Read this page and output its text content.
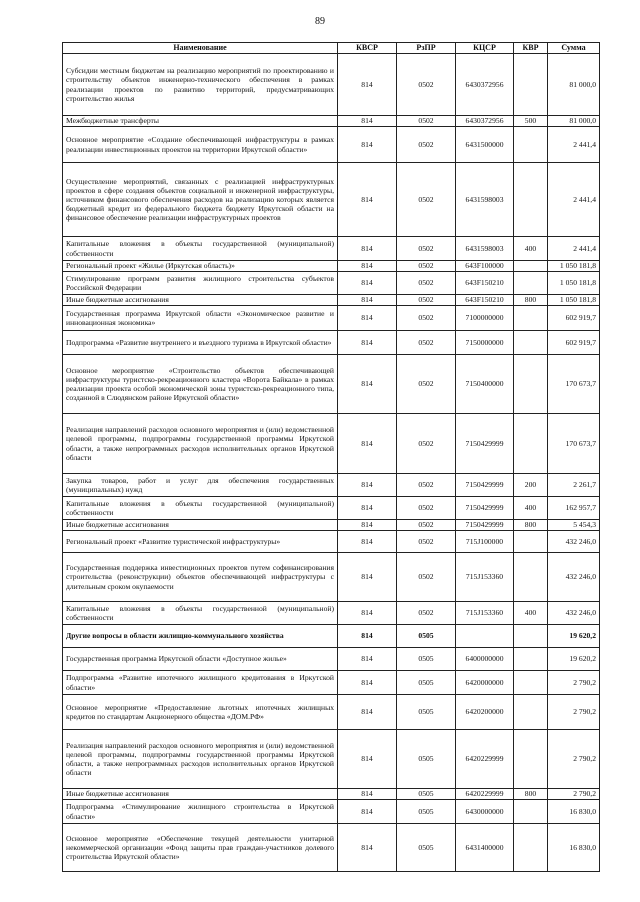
89
Наименование	КВСР	РзПР	КЦСР	КВР	Сумма
Субсидии местным бюджетам на реализацию мероприятий по проектированию и строительству объектов инженерно-технического обеспечения в рамках реализации проектов по развитию территорий, предусматривающих строительство жилья	814	0502	6430372956		81 000,0
Межбюджетные трансферты	814	0502	6430372956	500	81 000,0
Основное мероприятие «Создание обеспечивающей инфраструктуры в рамках реализации инвестиционных проектов на территории Иркутской области»	814	0502	6431500000		2 441,4
Осуществление мероприятий, связанных с реализацией инфраструктурных проектов в сфере создания объектов социальной и инженерной инфраструктуры, источником финансового обеспечения расходов на реализацию которых является бюджетный кредит из федерального бюджета бюджету Иркутской области на финансовое обеспечение реализации инфраструктурных проектов	814	0502	6431598003		2 441,4
Капитальные вложения в объекты государственной (муниципальной) собственности	814	0502	6431598003	400	2 441,4
Региональный проект «Жилье (Иркутская область)»	814	0502	643F100000		1 050 181,8
Стимулирование программ развития жилищного строительства субъектов Российской Федерации	814	0502	643F150210		1 050 181,8
Иные бюджетные ассигнования	814	0502	643F150210	800	1 050 181,8
Государственная программа Иркутской области «Экономическое развитие и инновационная экономика»	814	0502	7100000000		602 919,7
Подпрограмма «Развитие внутреннего и въездного туризма в Иркутской области»	814	0502	7150000000		602 919,7
Основное мероприятие «Строительство объектов обеспечивающей инфраструктуры туристско-рекреационного кластера «Ворота Байкала» в рамках реализации проекта особой экономической зоны туристско-рекреационного типа, созданной в Слюдянском районе Иркутской области»	814	0502	7150400000		170 673,7
Реализация направлений расходов основного мероприятия и (или) ведомственной целевой программы, подпрограммы государственной программы Иркутской области, а также непрограммных расходов исполнительных органов Иркутской области	814	0502	7150429999		170 673,7
Закупка товаров, работ и услуг для обеспечения государственных (муниципальных) нужд	814	0502	7150429999	200	2 261,7
Капитальные вложения в объекты государственной (муниципальной) собственности	814	0502	7150429999	400	162 957,7
Иные бюджетные ассигнования	814	0502	7150429999	800	5 454,3
Региональный проект «Развитие туристической инфраструктуры»	814	0502	715J100000		432 246,0
Государственная поддержка инвестиционных проектов путем софинансирования строительства (реконструкции) объектов обеспечивающей инфраструктуры с длительным сроком окупаемости	814	0502	715J153360		432 246,0
Капитальные вложения в объекты государственной (муниципальной) собственности	814	0502	715J153360	400	432 246,0
Другие вопросы в области жилищно-коммунального хозяйства	814	0505			19 620,2
Государственная программа Иркутской области «Доступное жилье»	814	0505	6400000000		19 620,2
Подпрограмма «Развитие ипотечного жилищного кредитования в Иркутской области»	814	0505	6420000000		2 790,2
Основное мероприятие «Предоставление льготных ипотечных жилищных кредитов по стандартам Акционерного общества «ДОМ.РФ»	814	0505	6420200000		2 790,2
Реализация направлений расходов основного мероприятия и (или) ведомственной целевой программы, подпрограммы государственной программы Иркутской области, а также непрограммных расходов исполнительных органов Иркутской области	814	0505	6420229999		2 790,2
Иные бюджетные ассигнования	814	0505	6420229999	800	2 790,2
Подпрограмма «Стимулирование жилищного строительства в Иркутской области»	814	0505	6430000000		16 830,0
Основное мероприятие «Обеспечение текущей деятельности унитарной некоммерческой организации «Фонд защиты прав граждан-участников долевого строительства Иркутской области»	814	0505	6431400000		16 830,0
